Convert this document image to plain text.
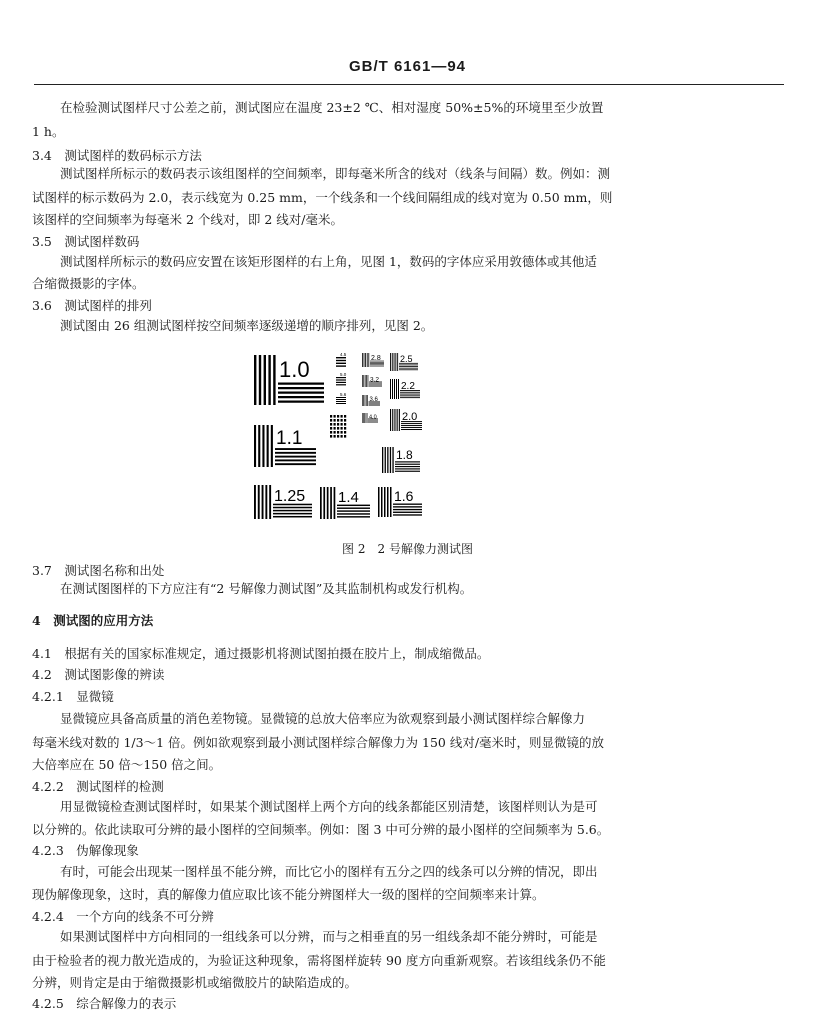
GB/T 6161—94
在检验测试图样尺寸公差之前，测试图应在温度 23±2 ℃、相对湿度 50%±5%的环境里至少放置
1 h。
3.4　测试图样的数码标示方法
测试图样所标示的数码表示该组图样的空间频率，即每毫米所含的线对（线条与间隔）数。例如：测
试图样的标示数码为 2.0，表示线宽为 0.25 mm，一个线条和一个线间隔组成的线对宽为 0.50 mm，则
该图样的空间频率为每毫米 2 个线对，即 2 线对/毫米。
3.5　测试图样数码
测试图样所标示的数码应安置在该矩形图样的右上角，见图 1，数码的字体应采用敦德体或其他适
合缩微摄影的字体。
3.6　测试图样的排列
测试图由 26 组测试图样按空间频率逐级递增的顺序排列，见图 2。
1.0
1.1
1.25 1.4	1.6
1.8
2.0
2.2
2.5
2.8
3.2
3.6
4.0
4.5
5.0
5.6
图 2　2 号解像力测试图
3.7　测试图名称和出处
在测试图图样的下方应注有“2 号解像力测试图”及其监制机构或发行机构。
4　测试图的应用方法
4.1　根据有关的国家标准规定，通过摄影机将测试图拍摄在胶片上，制成缩微品。
4.2　测试图影像的辨读
4.2.1　显微镜
显微镜应具备高质量的消色差物镜。显微镜的总放大倍率应为欲观察到最小测试图样综合解像力
每毫米线对数的 1/3～1 倍。例如欲观察到最小测试图样综合解像力为 150 线对/毫米时，则显微镜的放
大倍率应在 50 倍～150 倍之间。
4.2.2　测试图样的检测
用显微镜检查测试图样时，如果某个测试图样上两个方向的线条都能区别清楚，该图样则认为是可
以分辨的。依此读取可分辨的最小图样的空间频率。例如：图 3 中可分辨的最小图样的空间频率为 5.6。
4.2.3　伪解像现象
有时，可能会出现某一图样虽不能分辨，而比它小的图样有五分之四的线条可以分辨的情况，即出
现伪解像现象，这时，真的解像力值应取比该不能分辨图样大一级的图样的空间频率来计算。
4.2.4　一个方向的线条不可分辨
如果测试图样中方向相同的一组线条可以分辨，而与之相垂直的另一组线条却不能分辨时，可能是
由于检验者的视力散光造成的，为验证这种现象，需将图样旋转 90 度方向重新观察。若该组线条仍不能
分辨，则肯定是由于缩微摄影机或缩微胶片的缺陷造成的。
4.2.5　综合解像力的表示
